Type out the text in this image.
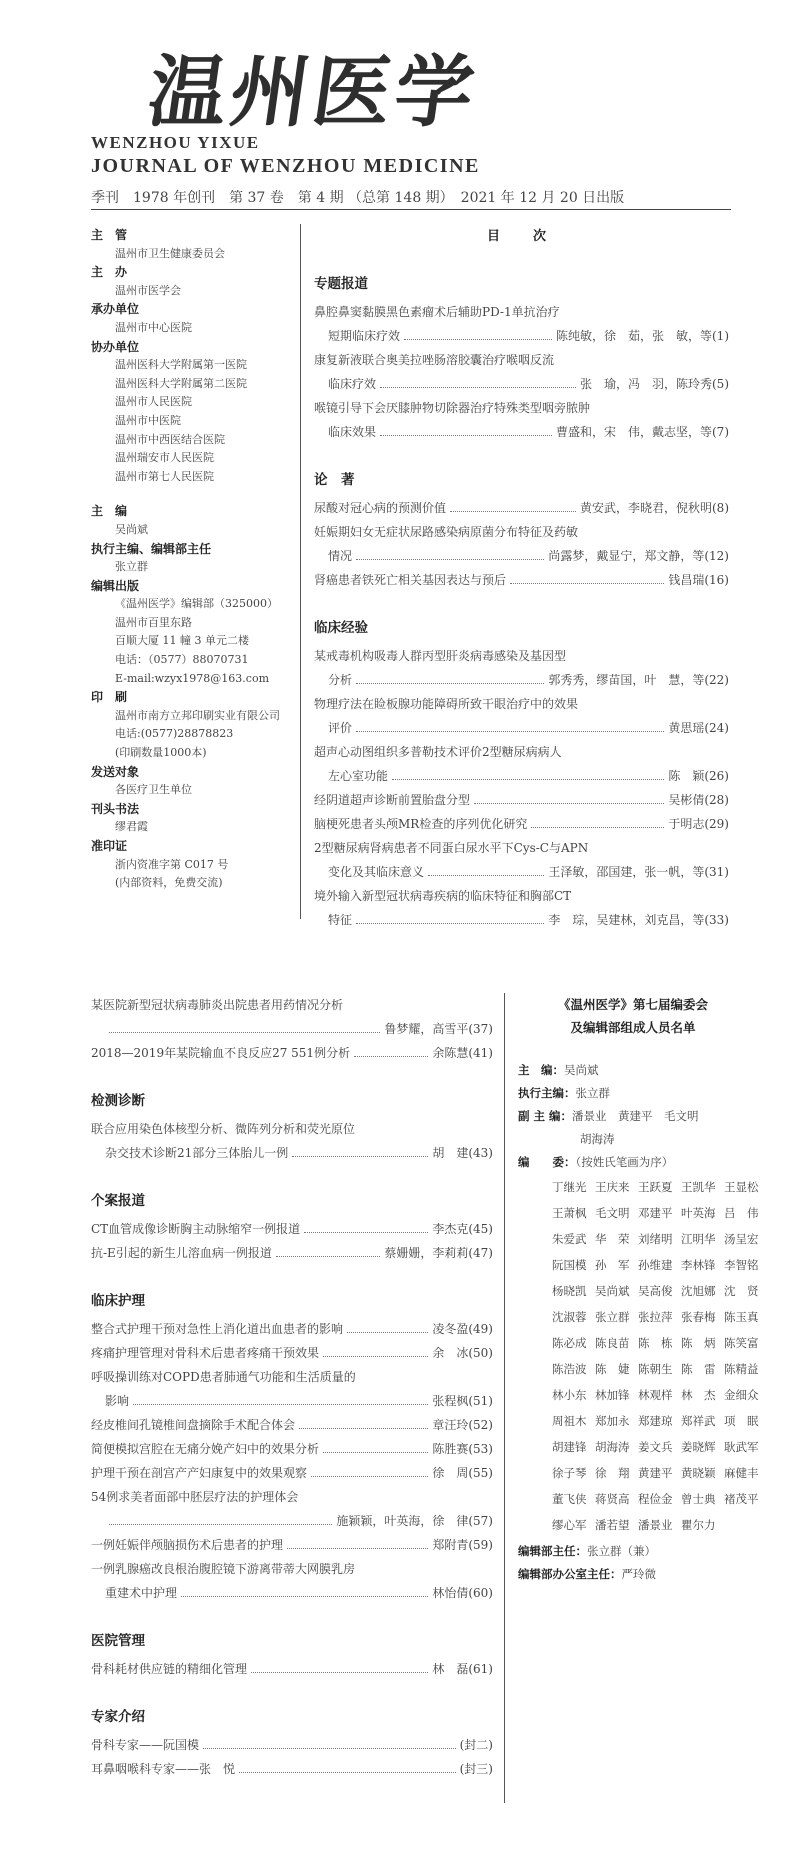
温州医学
WENZHOU YIXUE
JOURNAL OF WENZHOU MEDICINE
季刊　1978 年创刊　第 37 卷　第 4 期 （总第 148 期）　2021 年 12 月 20 日出版
主　管
温州市卫生健康委员会
主　办
温州市医学会
承办单位
温州市中心医院
协办单位
温州医科大学附属第一医院
温州医科大学附属第二医院
温州市人民医院
温州市中医院
温州市中西医结合医院
温州瑞安市人民医院
温州市第七人民医院
主　编
吴尚斌
执行主编、编辑部主任
张立群
编辑出版
《温州医学》编辑部（325000）
温州市百里东路
百顺大厦 11 幢 3 单元二楼
电话：（0577）88070731
E-mail:wzyx1978@163.com
印　刷
温州市南方立邦印刷实业有限公司
电话:(0577)28878823
(印刷数量1000本)
发送对象
各医疗卫生单位
刊头书法
缪君霞
准印证
浙内资准字第 C017 号
(内部资料，免费交流)
目　次
专题报道
鼻腔鼻窦黏膜黑色素瘤术后辅助PD-1单抗治疗
短期临床疗效	陈纯敏，徐　茹，张　敏，等 (1)
康复新液联合奥美拉唑肠溶胶囊治疗喉咽反流
临床疗效	张　瑜，冯　羽，陈玲秀 (5)
喉镜引导下会厌膝肿物切除器治疗特殊类型咽旁脓肿
临床效果	曹盛和，宋　伟，戴志坚，等 (7)
论　著
尿酸对冠心病的预测价值	黄安武，李晓君，倪秋明 (8)
妊娠期妇女无症状尿路感染病原菌分布特征及药敏
情况	尚露梦，戴显宁，郑文静，等 (12)
肾癌患者铁死亡相关基因表达与预后	钱昌瑞 (16)
临床经验
某戒毒机构吸毒人群丙型肝炎病毒感染及基因型
分析	郭秀秀，缪苗国，叶　慧，等 (22)
物理疗法在睑板腺功能障碍所致干眼治疗中的效果
评价	黄思瑶 (24)
超声心动图组织多普勒技术评价2型糖尿病病人
左心室功能	陈　颖 (26)
经阴道超声诊断前置胎盘分型	吴彬倩 (28)
脑梗死患者头颅MR检查的序列优化研究	于明志 (29)
2型糖尿病肾病患者不同蛋白尿水平下Cys-C与APN
变化及其临床意义	王泽敏，邵国建，张一帆，等 (31)
境外输入新型冠状病毒疾病的临床特征和胸部CT
特征	李　琮，吴建林，刘克昌，等 (33)
某医院新型冠状病毒肺炎出院患者用药情况分析
鲁梦耀，高雪平 (37)
2018—2019年某院输血不良反应27 551例分析	余陈慧 (41)
检测诊断
联合应用染色体核型分析、微阵列分析和荧光原位
杂交技术诊断21部分三体胎儿一例	胡　建 (43)
个案报道
CT血管成像诊断胸主动脉缩窄一例报道	李杰克 (45)
抗-E引起的新生儿溶血病一例报道	蔡姗姗，李莉莉 (47)
临床护理
整合式护理干预对急性上消化道出血患者的影响	凌冬盈 (49)
疼痛护理管理对骨科术后患者疼痛干预效果	余　冰 (50)
呼吸操训练对COPD患者肺通气功能和生活质量的
影响	张程枫 (51)
经皮椎间孔镜椎间盘摘除手术配合体会	章汪玲 (52)
简便模拟宫腔在无痛分娩产妇中的效果分析	陈胜赛 (53)
护理干预在剖宫产产妇康复中的效果观察	徐　周 (55)
54例求美者面部中胚层疗法的护理体会
施颖颖，叶英海，徐　律 (57)
一例妊娠伴颅脑损伤术后患者的护理	郑附青 (59)
一例乳腺癌改良根治腹腔镜下游离带蒂大网膜乳房
重建术中护理	林怡倩 (60)
医院管理
骨科耗材供应链的精细化管理	林　磊 (61)
专家介绍
骨科专家——阮国模	(封二)
耳鼻咽喉科专家——张　悦	(封三)
《温州医学》第七届编委会
及编辑部组成人员名单
主　编：吴尚斌
执行主编：张立群
副 主 编：潘景业　黄建平　毛文明
胡海涛
编　　委：（按姓氏笔画为序）
丁继光 王庆来 王跃夏 王凯华 王显松
王萧枫 毛文明 邓建平 叶英海 吕　伟
朱爱武 华　荣 刘绪明 江明华 汤呈宏
阮国模 孙　军 孙维建 李林锋 李智铭
杨晓凯 吴尚斌 吴高俊 沈旭娜 沈　贤
沈淑蓉 张立群 张拉萍 张春梅 陈玉真
陈必成 陈良苗 陈　栋 陈　炳 陈笑富
陈浩波 陈　婕 陈朝生 陈　雷 陈精益
林小东 林加锋 林观样 林　杰 金细众
周祖木 郑加永 郑建琼 郑祥武 项　眠
胡建锋 胡海涛 姜文兵 姜晓辉 耿武军
徐子琴 徐　翔 黄建平 黄晓颖 麻健丰
董飞侠 蒋贤高 程俭金 曾士典 褚茂平
缪心军 潘若望 潘景业 瞿尔力
编辑部主任：张立群（兼）
编辑部办公室主任：严玲微
